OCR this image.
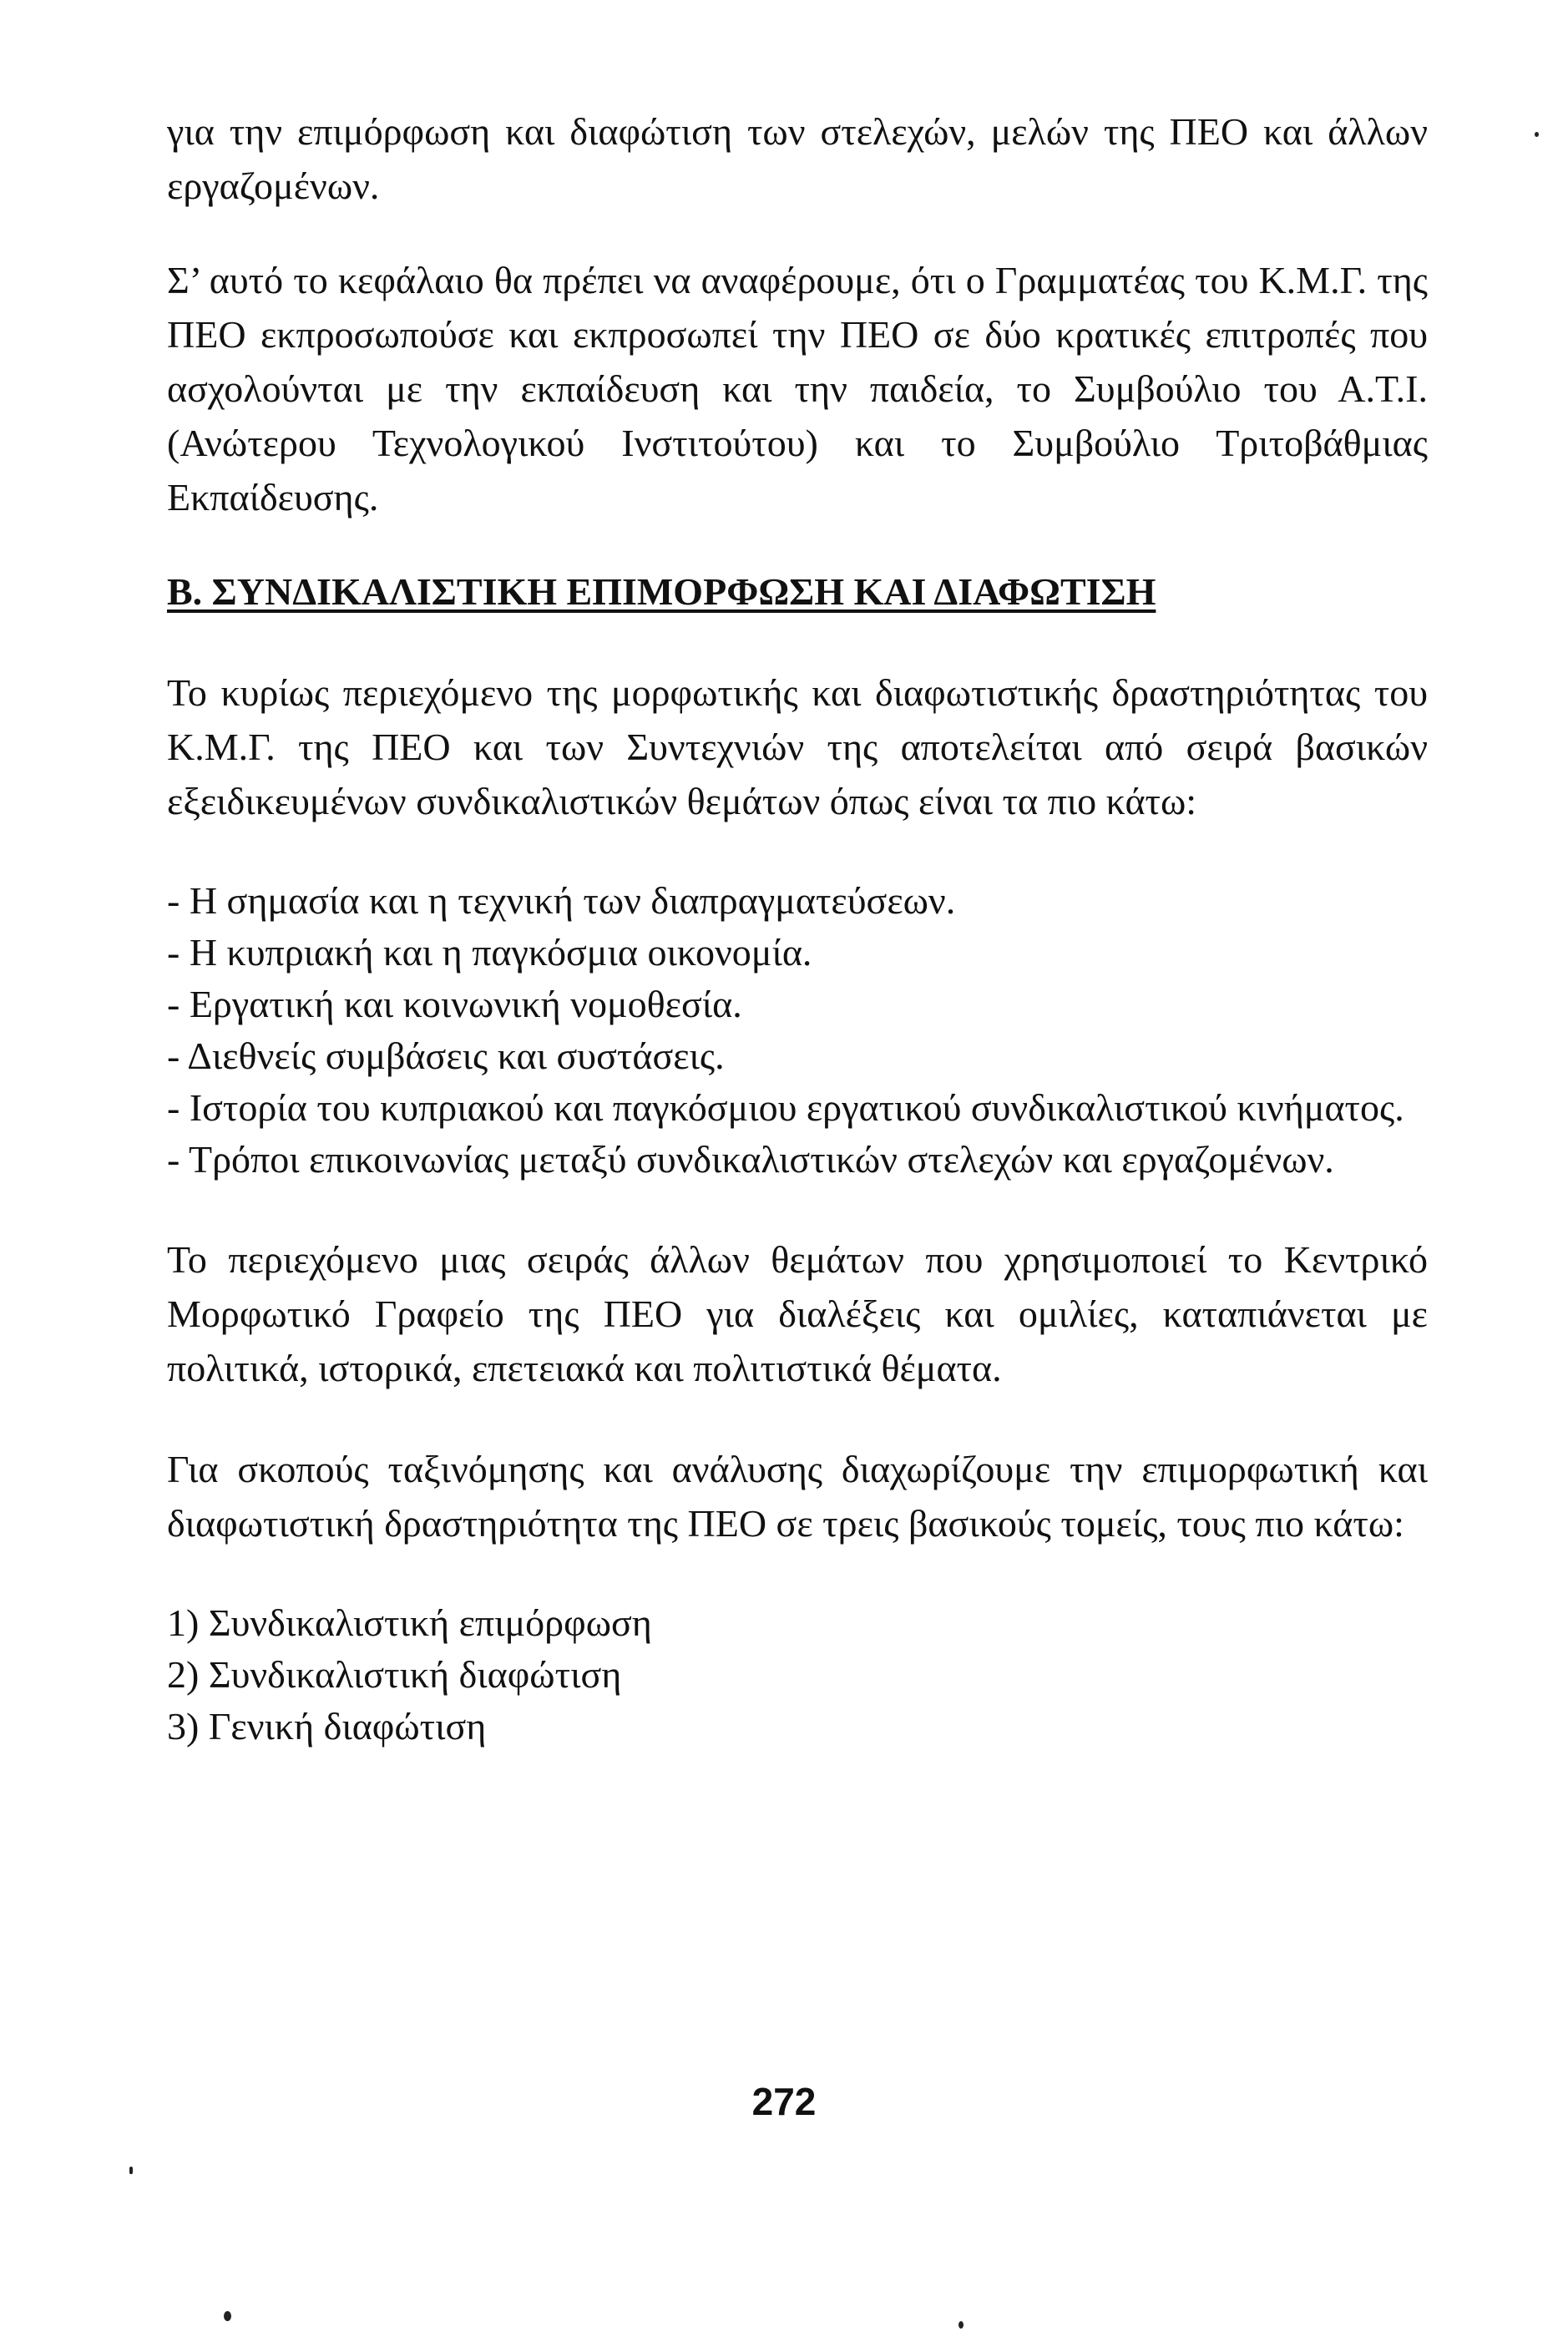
για την επιμόρφωση και διαφώτιση των στελεχών, μελών της ΠΕΟ και άλλων εργαζομένων.

Σ’ αυτό το κεφάλαιο θα πρέπει να αναφέρουμε, ότι ο Γραμματέας του Κ.Μ.Γ. της ΠΕΟ εκπροσωπούσε και εκπροσωπεί την ΠΕΟ σε δύο κρατικές επιτροπές που ασχολούνται με την εκπαίδευση και την παιδεία, το Συμβούλιο του Α.Τ.Ι. (Ανώτερου Τεχνολογικού Ινστιτούτου) και το Συμβούλιο Τριτοβάθμιας Εκπαίδευσης.

Β. ΣΥΝΔΙΚΑΛΙΣΤΙΚΗ ΕΠΙΜΟΡΦΩΣΗ ΚΑΙ ΔΙΑΦΩΤΙΣΗ

Το κυρίως περιεχόμενο της μορφωτικής και διαφωτιστικής δραστηριότητας του Κ.Μ.Γ. της ΠΕΟ και των Συντεχνιών της αποτελείται από σειρά βασικών εξειδικευμένων συνδικαλιστικών θεμάτων όπως είναι τα πιο κάτω:

- Η σημασία και η τεχνική των διαπραγματεύσεων.
- Η κυπριακή και η παγκόσμια οικονομία.
- Εργατική και κοινωνική νομοθεσία.
- Διεθνείς συμβάσεις και συστάσεις.
- Ιστορία του κυπριακού και παγκόσμιου εργατικού συνδικαλιστικού κινήματος.
- Τρόποι επικοινωνίας μεταξύ συνδικαλιστικών στελεχών και εργαζομένων.

Το περιεχόμενο μιας σειράς άλλων θεμάτων που χρησιμοποιεί το Κεντρικό Μορφωτικό Γραφείο της ΠΕΟ για διαλέξεις και ομιλίες, καταπιάνεται με πολιτικά, ιστορικά, επετειακά και πολιτιστικά θέματα.

Για σκοπούς ταξινόμησης και ανάλυσης διαχωρίζουμε την επιμορφωτική και διαφωτιστική δραστηριότητα της ΠΕΟ σε τρεις βασικούς τομείς, τους πιο κάτω:

1) Συνδικαλιστική επιμόρφωση
2) Συνδικαλιστική διαφώτιση
3) Γενική διαφώτιση
272
